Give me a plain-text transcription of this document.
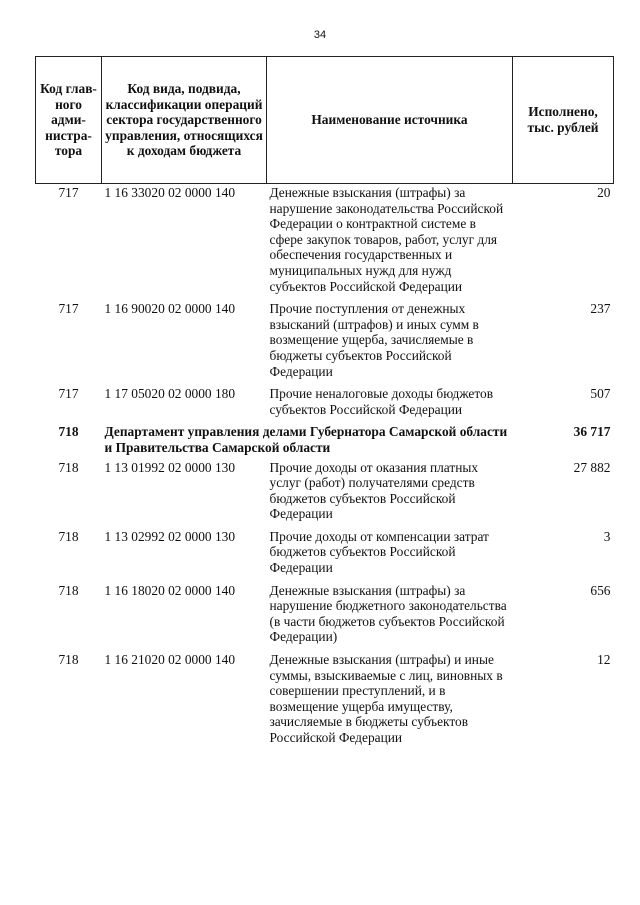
34
Код глав-ного адми-нистра-тора	Код вида, подвида, классификации операций сектора государственного управления, относящихся к доходам бюджета	Наименование источника	Исполнено, тыс. рублей
717	1 16 33020 02 0000 140	Денежные взыскания (штрафы) за нарушение законодательства Российской Федерации о контрактной системе в сфере закупок товаров, работ, услуг для обеспечения государственных и муниципальных нужд для нужд субъектов Российской Федерации	20
717	1 16 90020 02 0000 140	Прочие поступления от денежных взысканий (штрафов) и иных сумм в возмещение ущерба, зачисляемые в бюджеты субъектов Российской Федерации	237
717	1 17 05020 02 0000 180	Прочие неналоговые доходы бюджетов субъектов Российской Федерации	507
718	Департамент управления делами Губернатора Самарской области и Правительства Самарской области		36 717
718	1 13 01992 02 0000 130	Прочие доходы от оказания платных услуг (работ) получателями средств бюджетов субъектов Российской Федерации	27 882
718	1 13 02992 02 0000 130	Прочие доходы от компенсации затрат бюджетов субъектов Российской Федерации	3
718	1 16 18020 02 0000 140	Денежные взыскания (штрафы) за нарушение бюджетного законодательства (в части бюджетов субъектов Российской Федерации)	656
718	1 16 21020 02 0000 140	Денежные взыскания (штрафы) и иные суммы, взыскиваемые с лиц, виновных в совершении преступлений, и в возмещение ущерба имуществу, зачисляемые в бюджеты субъектов Российской Федерации	12
